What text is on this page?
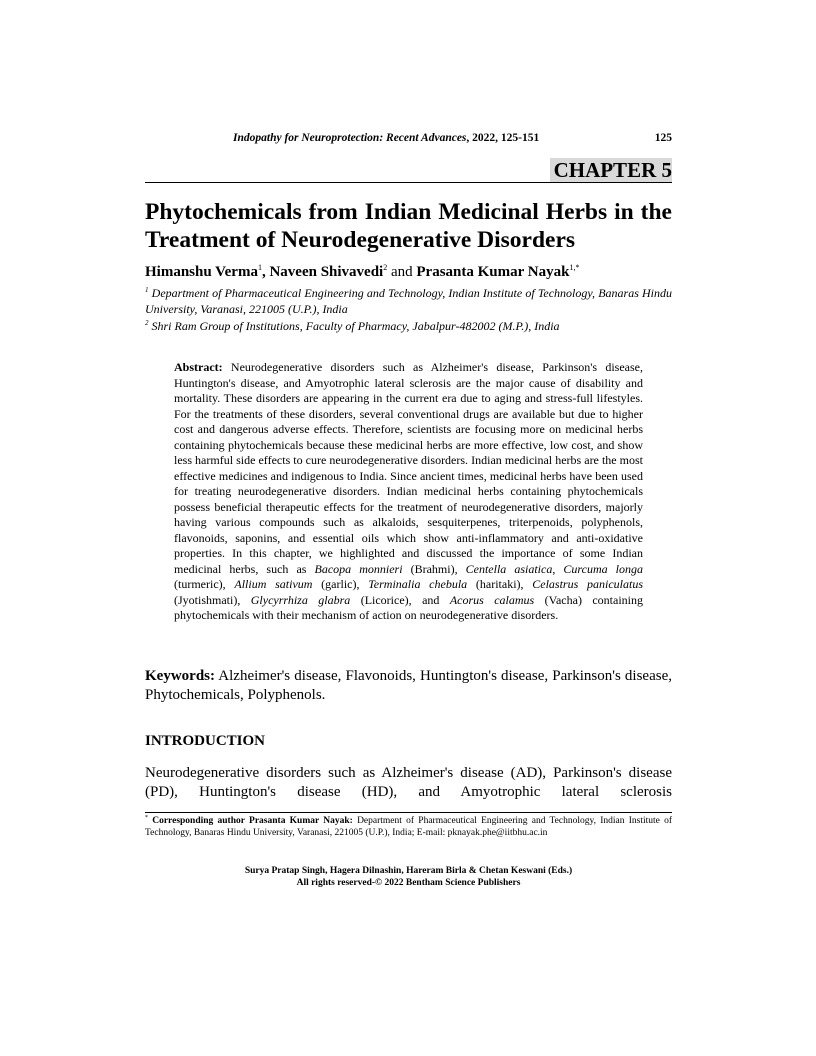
Indopathy for Neuroprotection: Recent Advances, 2022, 125-151	125
CHAPTER 5
Phytochemicals from Indian Medicinal Herbs in the Treatment of Neurodegenerative Disorders
Himanshu Verma$^1$, Naveen Shivavedi$^2$ and Prasanta Kumar Nayak$^{1,*}$
$^1$ Department of Pharmaceutical Engineering and Technology, Indian Institute of Technology, Banaras Hindu University, Varanasi, 221005 (U.P.), India
$^2$ Shri Ram Group of Institutions, Faculty of Pharmacy, Jabalpur-482002 (M.P.), India
Abstract: Neurodegenerative disorders such as Alzheimer's disease, Parkinson's disease, Huntington's disease, and Amyotrophic lateral sclerosis are the major cause of disability and mortality. These disorders are appearing in the current era due to aging and stress-full lifestyles. For the treatments of these disorders, several conventional drugs are available but due to higher cost and dangerous adverse effects. Therefore, scientists are focusing more on medicinal herbs containing phytochemicals because these medicinal herbs are more effective, low cost, and show less harmful side effects to cure neurodegenerative disorders. Indian medicinal herbs are the most effective medicines and indigenous to India. Since ancient times, medicinal herbs have been used for treating neurodegenerative disorders. Indian medicinal herbs containing phytochemicals possess beneficial therapeutic effects for the treatment of neurodegenerative disorders, majorly having various compounds such as alkaloids, sesquiterpenes, triterpenoids, polyphenols, flavonoids, saponins, and essential oils which show anti-inflammatory and anti-oxidative properties. In this chapter, we highlighted and discussed the importance of some Indian medicinal herbs, such as Bacopa monnieri (Brahmi), Centella asiatica, Curcuma longa (turmeric), Allium sativum (garlic), Terminalia chebula (haritaki), Celastrus paniculatus (Jyotishmati), Glycyrrhiza glabra (Licorice), and Acorus calamus (Vacha) containing phytochemicals with their mechanism of action on neurodegenerative disorders.
Keywords: Alzheimer's disease, Flavonoids, Huntington's disease, Parkinson's disease, Phytochemicals, Polyphenols.
INTRODUCTION
Neurodegenerative disorders such as Alzheimer's disease (AD), Parkinson's disease (PD), Huntington's disease (HD), and Amyotrophic lateral sclerosis
* Corresponding author Prasanta Kumar Nayak: Department of Pharmaceutical Engineering and Technology, Indian Institute of Technology, Banaras Hindu University, Varanasi, 221005 (U.P.), India; E-mail: pknayak.phe@iitbhu.ac.in
Surya Pratap Singh, Hagera Dilnashin, Hareram Birla & Chetan Keswani (Eds.)
All rights reserved-© 2022 Bentham Science Publishers
